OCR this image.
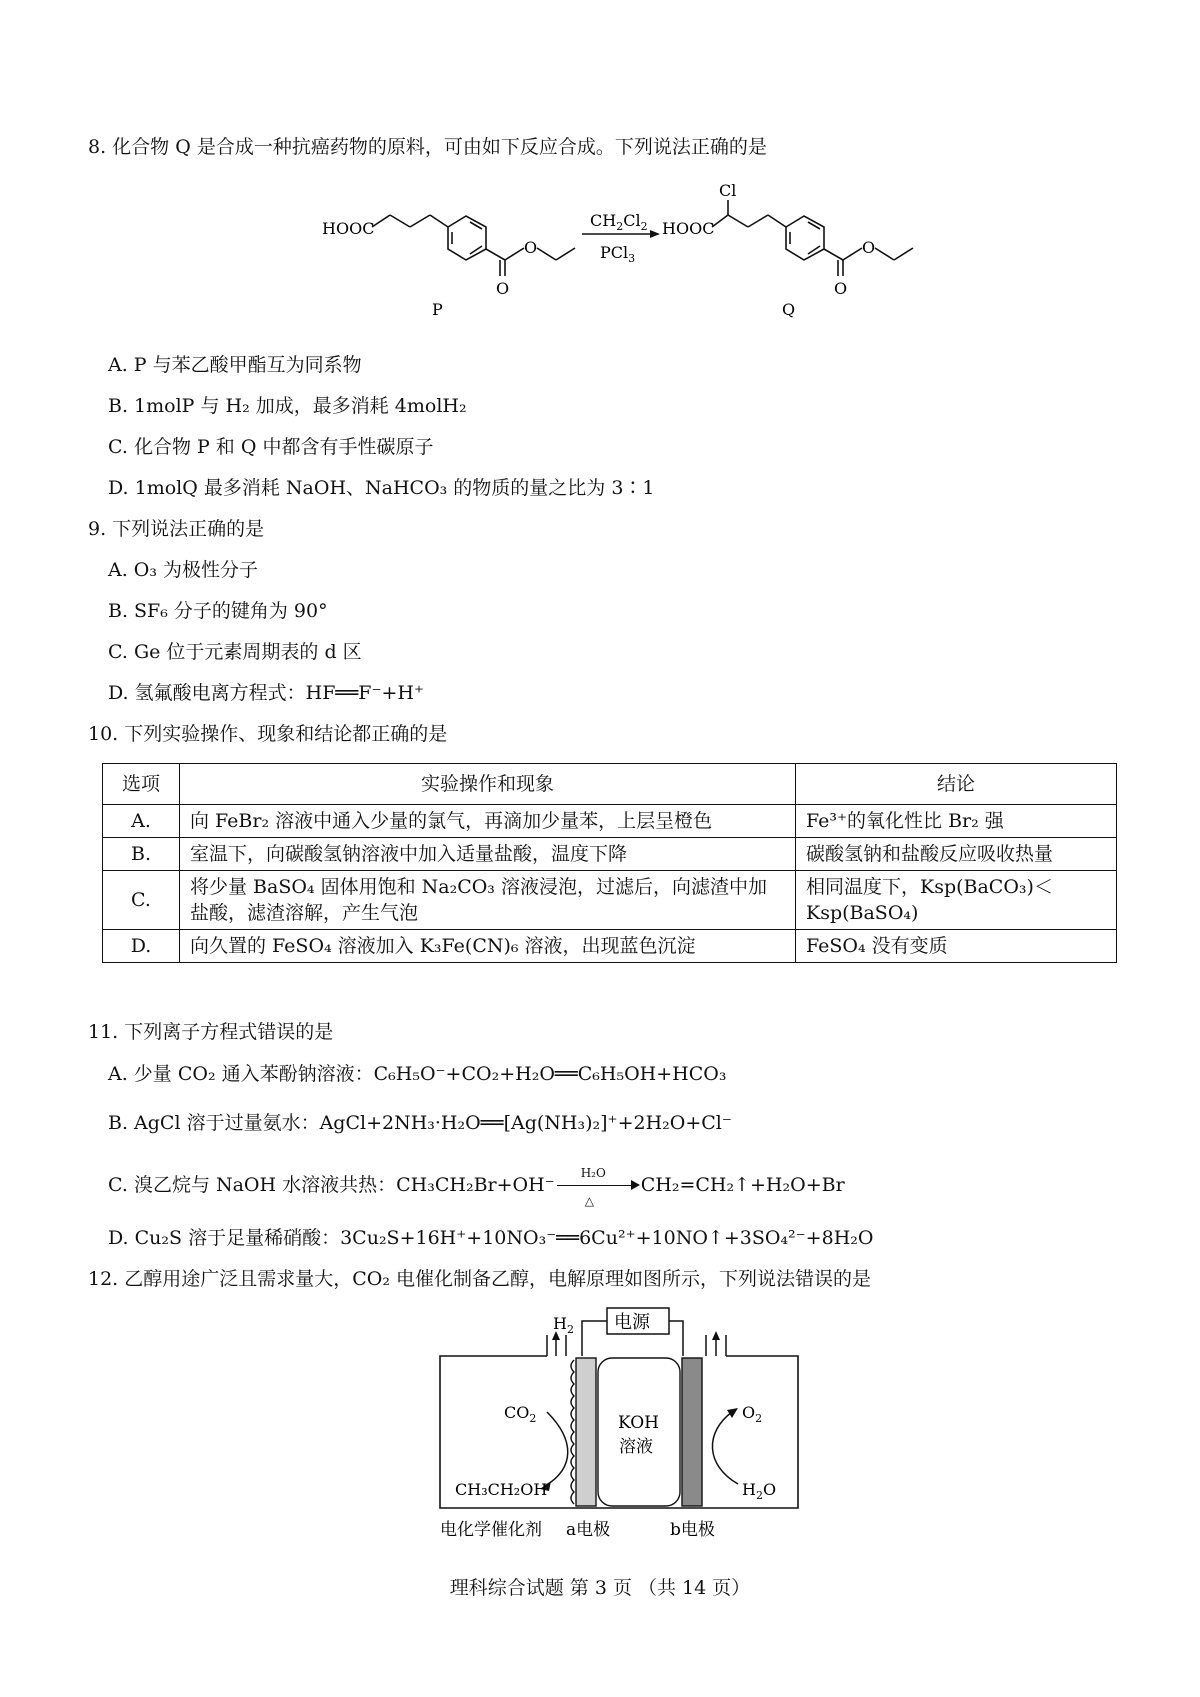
8. 化合物 Q 是合成一种抗癌药物的原料，可由如下反应合成。下列说法正确的是
HOOC
O
O
P
$CH_2Cl_2$
PCl$_3$
Cl
HOOC
O
O
Q
A. P 与苯乙酸甲酯互为同系物
B. 1molP 与 H₂ 加成，最多消耗 4molH₂
C. 化合物 P 和 Q 中都含有手性碳原子
D. 1molQ 最多消耗 NaOH、NaHCO₃ 的物质的量之比为 3∶1
9. 下列说法正确的是
A. O₃ 为极性分子
B. SF₆ 分子的键角为 90°
C. Ge 位于元素周期表的 d 区
D. 氢氟酸电离方程式：HF══F⁻+H⁺
10. 下列实验操作、现象和结论都正确的是
选项	实验操作和现象	结论
A.	向 FeBr₂ 溶液中通入少量的氯气，再滴加少量苯，上层呈橙色	Fe³⁺的氧化性比 Br₂ 强
B.	室温下，向碳酸氢钠溶液中加入适量盐酸，温度下降	碳酸氢钠和盐酸反应吸收热量
C.	将少量 BaSO₄ 固体用饱和 Na₂CO₃ 溶液浸泡，过滤后，向滤渣中加盐酸，滤渣溶解，产生气泡	相同温度下，Ksp(BaCO₃)＜Ksp(BaSO₄)
D.	向久置的 FeSO₄ 溶液加入 K₃Fe(CN)₆ 溶液，出现蓝色沉淀	FeSO₄ 没有变质
11. 下列离子方程式错误的是
A. 少量 CO₂ 通入苯酚钠溶液：C₆H₅O⁻+CO₂+H₂O══C₆H₅OH+HCO₃
B. AgCl 溶于过量氨水：AgCl+2NH₃·H₂O══[Ag(NH₃)₂]⁺+2H₂O+Cl⁻
C. 溴乙烷与 NaOH 水溶液共热：CH₃CH₂Br+OH⁻
H₂O
△
CH₂=CH₂↑+H₂O+Br
D. Cu₂S 溶于足量稀硝酸：3Cu₂S+16H⁺+10NO₃⁻══6Cu²⁺+10NO↑+3SO₄²⁻+8H₂O
12. 乙醇用途广泛且需求量大，CO₂ 电催化制备乙醇，电解原理如图所示，下列说法错误的是
电源
$H_2$
KOH
溶液
$CO_2$
CH₃CH₂OH
$O_2$
$H_2O$
电化学催化剂 a电极	b电极
理科综合试题 第 3 页 （共 14 页）
